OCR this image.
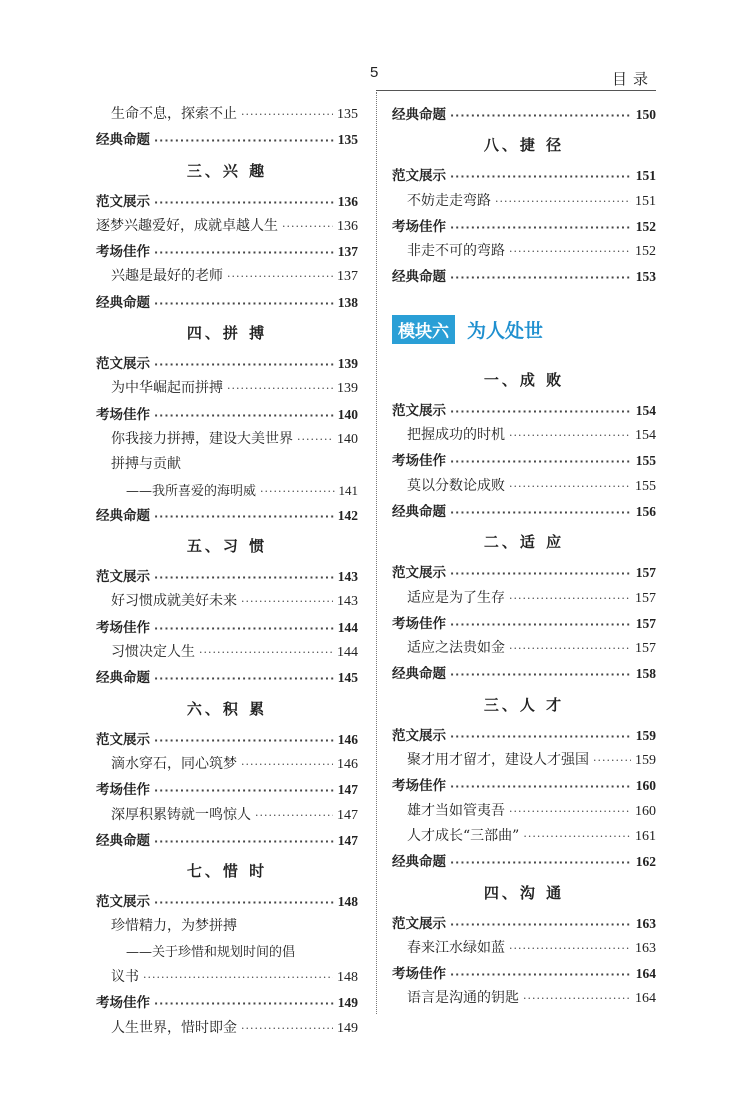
5	目录
生命不息，探索不止 ·····	135
经典命题 ·····	135
三、兴 趣
范文展示 ·····	136
逐梦兴趣爱好，成就卓越人生 ·····	136
考场佳作 ·····	137
兴趣是最好的老师 ·····	137
经典命题 ·····	138
四、拼 搏
范文展示 ·····	139
为中华崛起而拼搏 ·····	139
考场佳作 ·····	140
你我接力拼搏，建设大美世界 ·····	140
拼搏与贡献
——我所喜爱的海明威 ·····	141
经典命题 ·····	142
五、习 惯
范文展示 ·····	143
好习惯成就美好未来 ·····	143
考场佳作 ·····	144
习惯决定人生 ·····	144
经典命题 ·····	145
六、积 累
范文展示 ·····	146
滴水穿石，同心筑梦 ·····	146
考场佳作 ·····	147
深厚积累铸就一鸣惊人 ·····	147
经典命题 ·····	147
七、惜 时
范文展示 ·····	148
珍惜精力，为梦拼搏
——关于珍惜和规划时间的倡
议书 ·····	148
考场佳作 ·····	149
人生世界，惜时即金 ·····	149
经典命题 ·····	150
八、捷 径
范文展示 ·····	151
不妨走走弯路 ·····	151
考场佳作 ·····	152
非走不可的弯路 ·····	152
经典命题 ·····	153
模块六 为人处世
一、成 败
范文展示 ·····	154
把握成功的时机 ·····	154
考场佳作 ·····	155
莫以分数论成败 ·····	155
经典命题 ·····	156
二、适 应
范文展示 ·····	157
适应是为了生存 ·····	157
考场佳作 ·····	157
适应之法贵如金 ·····	157
经典命题 ·····	158
三、人 才
范文展示 ·····	159
聚才用才留才，建设人才强国 ·····	159
考场佳作 ·····	160
雄才当如管夷吾 ·····	160
人才成长“三部曲” ·····	161
经典命题 ·····	162
四、沟 通
范文展示 ·····	163
春来江水绿如蓝 ·····	163
考场佳作 ·····	164
语言是沟通的钥匙 ·····	164
